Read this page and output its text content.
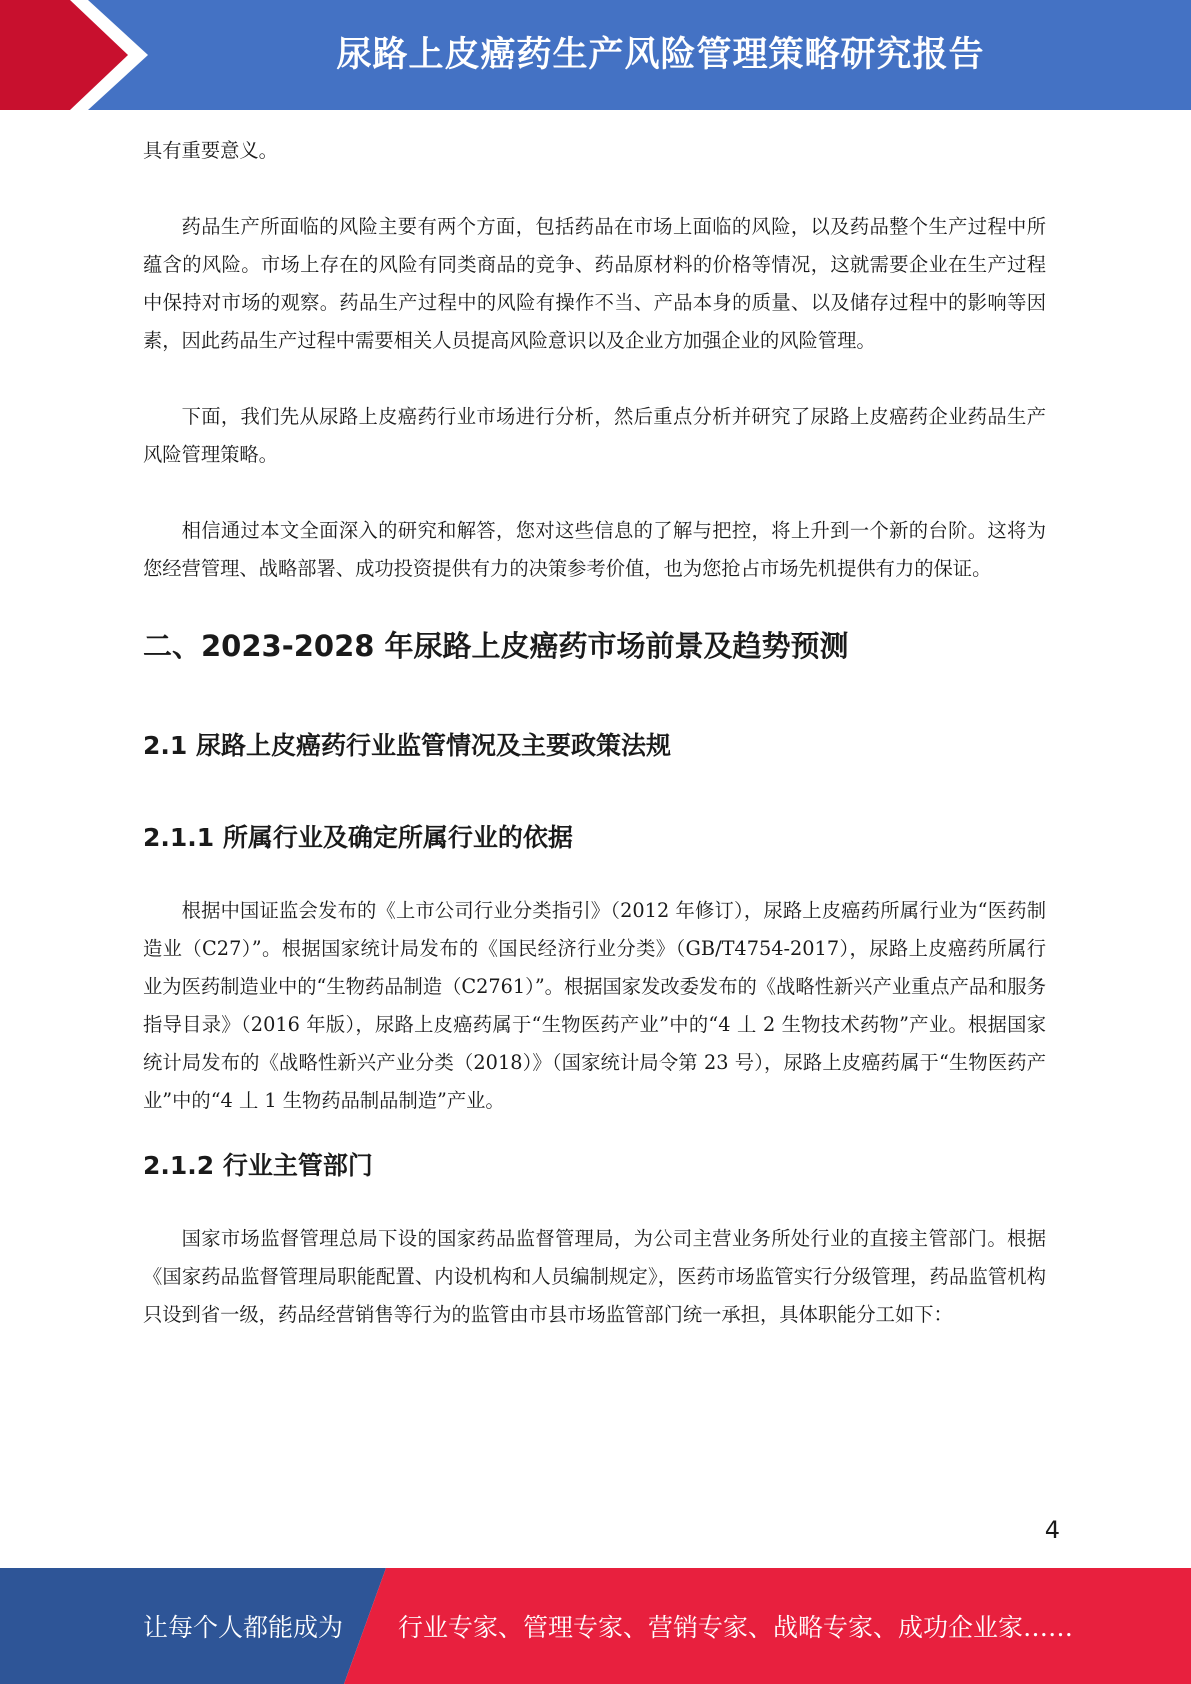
尿路上皮癌药生产风险管理策略研究报告

具有重要意义。

药品生产所面临的风险主要有两个方面，包括药品在市场上面临的风险，以及药品整个生产过程中所蕴含的风险。市场上存在的风险有同类商品的竞争、药品原材料的价格等情况，这就需要企业在生产过程中保持对市场的观察。药品生产过程中的风险有操作不当、产品本身的质量、以及储存过程中的影响等因素，因此药品生产过程中需要相关人员提高风险意识以及企业方加强企业的风险管理。

下面，我们先从尿路上皮癌药行业市场进行分析，然后重点分析并研究了尿路上皮癌药企业药品生产风险管理策略。

相信通过本文全面深入的研究和解答，您对这些信息的了解与把控，将上升到一个新的台阶。这将为您经营管理、战略部署、成功投资提供有力的决策参考价值，也为您抢占市场先机提供有力的保证。

二、2023-2028 年尿路上皮癌药市场前景及趋势预测
2.1 尿路上皮癌药行业监管情况及主要政策法规
2.1.1 所属行业及确定所属行业的依据

根据中国证监会发布的《上市公司行业分类指引》（2012 年修订），尿路上皮癌药所属行业为“医药制造业（C27）”。根据国家统计局发布的《国民经济行业分类》（GB/T4754-2017），尿路上皮癌药所属行业为医药制造业中的“生物药品制造（C2761）”。根据国家发改委发布的《战略性新兴产业重点产品和服务指导目录》（2016 年版），尿路上皮癌药属于“生物医药产业”中的“4 丄 2 生物技术药物”产业。根据国家统计局发布的《战略性新兴产业分类（2018）》（国家统计局令第 23 号），尿路上皮癌药属于“生物医药产业”中的“4 丄 1 生物药品制品制造”产业。

2.1.2 行业主管部门

国家市场监督管理总局下设的国家药品监督管理局，为公司主营业务所处行业的直接主管部门。根据《国家药品监督管理局职能配置、内设机构和人员编制规定》，医药市场监管实行分级管理，药品监管机构只设到省一级，药品经营销售等行为的监管由市县市场监管部门统一承担，具体职能分工如下：

4
让每个人都能成为 行业专家、管理专家、营销专家、战略专家、成功企业家……
